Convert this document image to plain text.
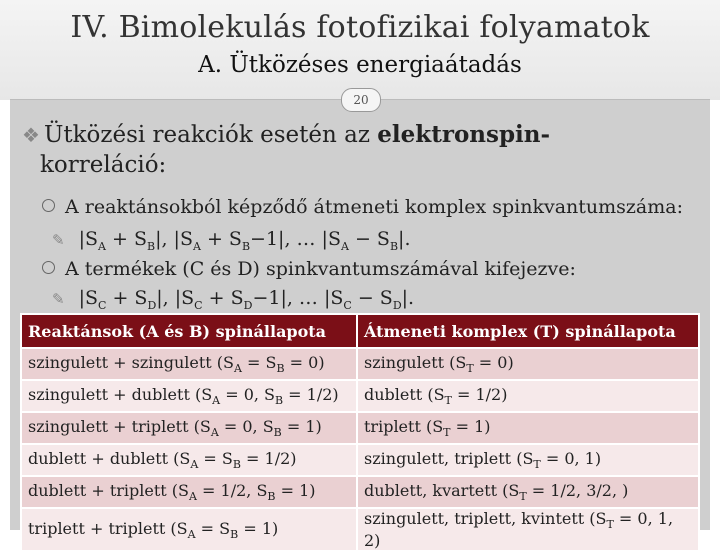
IV. Bimolekulás fotofizikai folyamatok
A. Ütközéses energiaátadás
20
❖ Ütközési reakciók esetén az elektronspin-
korreláció:
A reaktánsokból képződő átmeneti komplex spinkvantumszáma:
✎ $|S_A + S_B|$, $|S_A + S_B-1|$, … $|S_A - S_B|$.
A termékek (C és D) spinkvantumszámával kifejezve:
✎ $|S_C + S_D|$, $|S_C + S_D-1|$, … $|S_C - S_D|$.
Reaktánsok (A és B) spinállapota	Átmeneti komplex (T) spinállapota
szingulett + szingulett $(S_A = S_B = 0)$	szingulett $(S_T = 0)$
szingulett + dublett ($S_A = 0$, $S_B = 1/2$)	dublett $(S_T = 1/2)$
szingulett + triplett ($S_A = 0$, $S_B = 1$)	triplett $(S_T = 1)$
dublett + dublett $(S_A = S_B = 1/2)$	szingulett, triplett ($S_T = 0$, 1)
dublett + triplett ($S_A = 1/2$, $S_B = 1$)	dublett, kvartett ($S_T = 1/2$, 3/2, )
triplett + triplett $(S_A = S_B = 1)$	szingulett, triplett, kvintett ($S_T = 0$, 1, 2)
